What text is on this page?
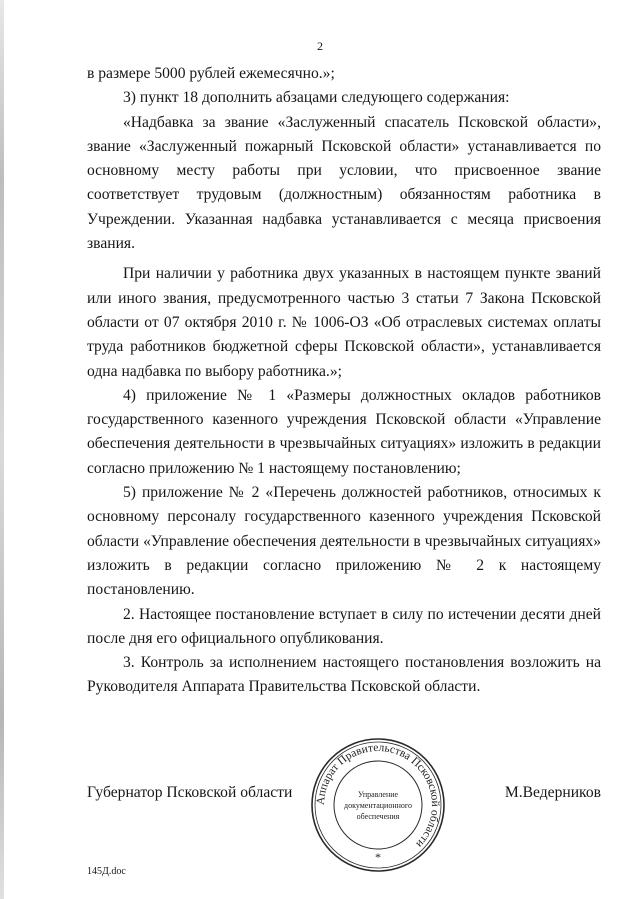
2

в размере 5000 рублей ежемесячно.»;

3) пункт 18 дополнить абзацами следующего содержания:

«Надбавка за звание «Заслуженный спасатель Псковской области», звание «Заслуженный пожарный Псковской области» устанавливается по основному месту работы при условии, что присвоенное звание соответствует трудовым (должностным) обязанностям работника в Учреждении. Указанная надбавка устанавливается с месяца присвоения звания.

При наличии у работника двух указанных в настоящем пункте званий или иного звания, предусмотренного частью 3 статьи 7 Закона Псковской области от 07 октября 2010 г. № 1006-ОЗ «Об отраслевых системах оплаты труда работников бюджетной сферы Псковской области», устанавливается одна надбавка по выбору работника.»;

4) приложение № 1 «Размеры должностных окладов работников государственного казенного учреждения Псковской области «Управление обеспечения деятельности в чрезвычайных ситуациях» изложить в редакции согласно приложению № 1 настоящему постановлению;

5) приложение № 2 «Перечень должностей работников, относимых к основному персоналу государственного казенного учреждения Псковской области «Управление обеспечения деятельности в чрезвычайных ситуациях» изложить в редакции согласно приложению № 2 к настоящему постановлению.

2. Настоящее постановление вступает в силу по истечении десяти дней после дня его официального опубликования.

3. Контроль за исполнением настоящего постановления возложить на Руководителя Аппарата Правительства Псковской области.

Губернатор Псковской области	М.Ведерников
Аппарат Правительства Псковской области
Управление
документационного
обеспечения
*
145Д.doc
